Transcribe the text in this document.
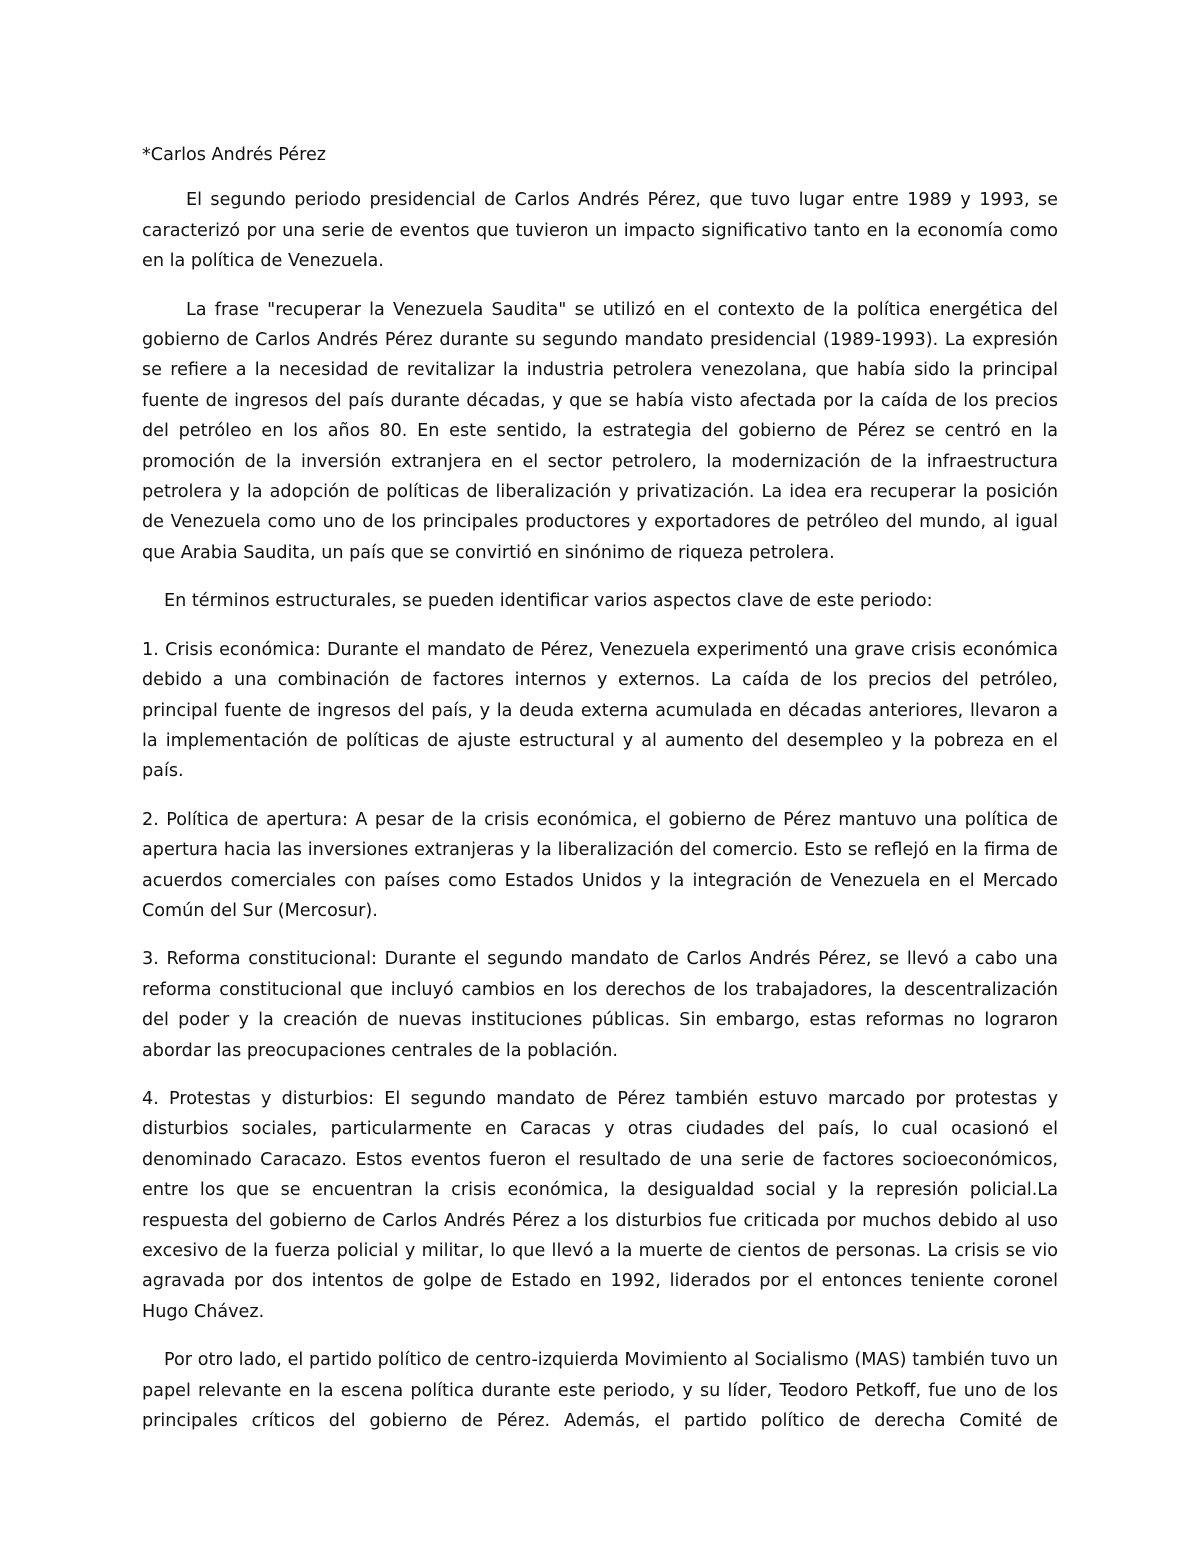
*Carlos Andrés Pérez

El segundo periodo presidencial de Carlos Andrés Pérez, que tuvo lugar entre 1989 y 1993, se caracterizó por una serie de eventos que tuvieron un impacto significativo tanto en la economía como en la política de Venezuela.

La frase "recuperar la Venezuela Saudita" se utilizó en el contexto de la política energética del gobierno de Carlos Andrés Pérez durante su segundo mandato presidencial (1989-1993). La expresión se refiere a la necesidad de revitalizar la industria petrolera venezolana, que había sido la principal fuente de ingresos del país durante décadas, y que se había visto afectada por la caída de los precios del petróleo en los años 80. En este sentido, la estrategia del gobierno de Pérez se centró en la promoción de la inversión extranjera en el sector petrolero, la modernización de la infraestructura petrolera y la adopción de políticas de liberalización y privatización. La idea era recuperar la posición de Venezuela como uno de los principales productores y exportadores de petróleo del mundo, al igual que Arabia Saudita, un país que se convirtió en sinónimo de riqueza petrolera.

En términos estructurales, se pueden identificar varios aspectos clave de este periodo:

1. Crisis económica: Durante el mandato de Pérez, Venezuela experimentó una grave crisis económica debido a una combinación de factores internos y externos. La caída de los precios del petróleo, principal fuente de ingresos del país, y la deuda externa acumulada en décadas anteriores, llevaron a la implementación de políticas de ajuste estructural y al aumento del desempleo y la pobreza en el país.

2. Política de apertura: A pesar de la crisis económica, el gobierno de Pérez mantuvo una política de apertura hacia las inversiones extranjeras y la liberalización del comercio. Esto se reflejó en la firma de acuerdos comerciales con países como Estados Unidos y la integración de Venezuela en el Mercado Común del Sur (Mercosur).

3. Reforma constitucional: Durante el segundo mandato de Carlos Andrés Pérez, se llevó a cabo una reforma constitucional que incluyó cambios en los derechos de los trabajadores, la descentralización del poder y la creación de nuevas instituciones públicas. Sin embargo, estas reformas no lograron abordar las preocupaciones centrales de la población.

4. Protestas y disturbios: El segundo mandato de Pérez también estuvo marcado por protestas y disturbios sociales, particularmente en Caracas y otras ciudades del país, lo cual ocasionó el denominado Caracazo. Estos eventos fueron el resultado de una serie de factores socioeconómicos, entre los que se encuentran la crisis económica, la desigualdad social y la represión policial.La respuesta del gobierno de Carlos Andrés Pérez a los disturbios fue criticada por muchos debido al uso excesivo de la fuerza policial y militar, lo que llevó a la muerte de cientos de personas. La crisis se vio agravada por dos intentos de golpe de Estado en 1992, liderados por el entonces teniente coronel Hugo Chávez.

Por otro lado, el partido político de centro-izquierda Movimiento al Socialismo (MAS) también tuvo un papel relevante en la escena política durante este periodo, y su líder, Teodoro Petkoff, fue uno de los principales críticos del gobierno de Pérez. Además, el partido político de derecha Comité de
